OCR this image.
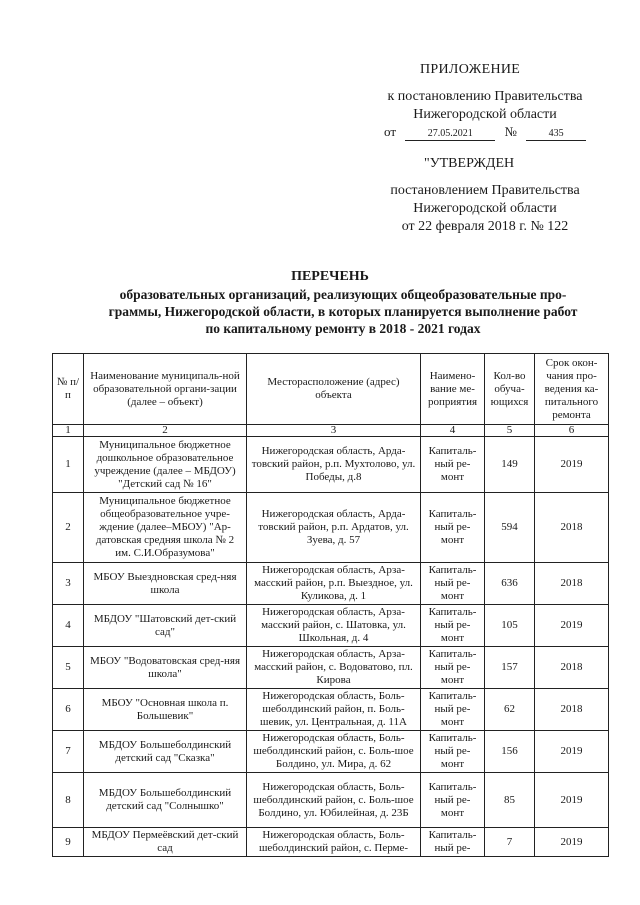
ПРИЛОЖЕНИЕ
к постановлению Правительства
Нижегородской области
от	27.05.2021 №	435
"УТВЕРЖДЕН
постановлением Правительства
Нижегородской области
от 22 февраля 2018 г. № 122
ПЕРЕЧЕНЬ
образовательных организаций, реализующих общеобразовательные про-
граммы, Нижегородской области, в которых планируется выполнение работ
по капитальному ремонту в 2018 - 2021 годах
№ п/п	Наименование муниципаль-ной образовательной органи-зации (далее – объект)	Месторасположение (адрес) объекта	Наимено-вание ме-роприятия	Кол-во обуча-ющихся	Срок окон-чания про-ведения ка-питального ремонта
1	2	3	4	5	6
1	Муниципальное бюджетное дошкольное образовательное учреждение (далее – МБДОУ) "Детский сад № 16"	Нижегородская область, Арда-товский район, р.п. Мухтолово, ул. Победы, д.8	Капиталь-ный ре-монт	149	2019
2	Муниципальное бюджетное общеобразовательное учре-ждение (далее–МБОУ) "Ар-датовская средняя школа № 2 им. С.И.Образумова"	Нижегородская область, Арда-товский район, р.п. Ардатов, ул. Зуева, д. 57	Капиталь-ный ре-монт	594	2018
3	МБОУ Выездновская сред-няя школа	Нижегородская область, Арза-масский район, р.п. Выездное, ул. Куликова, д. 1	Капиталь-ный ре-монт	636	2018
4	МБДОУ "Шатовский дет-ский сад"	Нижегородская область, Арза-масский район, с. Шатовка, ул. Школьная, д. 4	Капиталь-ный ре-монт	105	2019
5	МБОУ "Водоватовская сред-няя школа"	Нижегородская область, Арза-масский район, с. Водоватово, пл. Кирова	Капиталь-ный ре-монт	157	2018
6	МБОУ "Основная школа п. Большевик"	Нижегородская область, Боль-шеболдинский район, п. Боль-шевик, ул. Центральная, д. 11А	Капиталь-ный ре-монт	62	2018
7	МБДОУ Большеболдинский детский сад "Сказка"	Нижегородская область, Боль-шеболдинский район, с. Боль-шое Болдино, ул. Мира, д. 62	Капиталь-ный ре-монт	156	2019
8	МБДОУ Большеболдинский детский сад "Солнышко"	Нижегородская область, Боль-шеболдинский район, с. Боль-шое Болдино, ул. Юбилейная, д. 23Б	Капиталь-ный ре-монт	85	2019
9	МБДОУ Пермеёвский дет-ский сад	Нижегородская область, Боль-шеболдинский район, с. Перме-	Капиталь-ный ре-	7	2019
